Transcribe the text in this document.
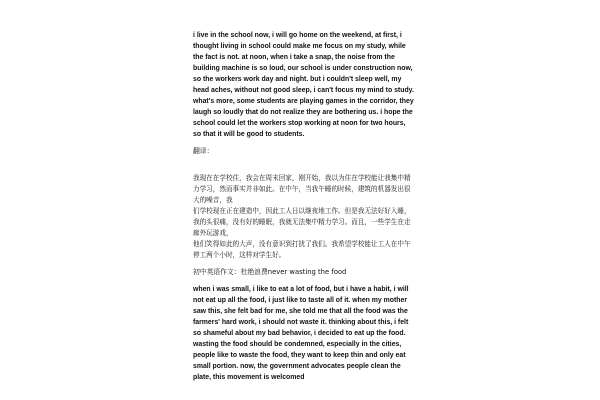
i live in the school now, i will go home on the weekend, at first, i thought living in school could make me focus on my study, while the fact is not. at noon, when i take a snap, the noise from the building machine is so loud, our school is under construction now, so the workers work day and night. but i couldn't sleep well, my head aches, without not good sleep, i can't focus my mind to study. what's more, some students are playing games in the corridor, they laugh so loudly that do not realize they are bothering us. i hope the school could let the workers stop working at noon for two hours, so that it will be good to students.

翻译：

我现在在学校住，我会在周末回家，刚开始，我以为住在学校能让我集中精力学习，然而事实并非如此。在中午，当我午睡的时候，建筑的机器发出很大的噪音，我

们学校现在正在建造中，因此工人日以继夜地工作。但是我无法好好入睡，我的头很痛，没有好的睡眠，我就无法集中精力学习。而且，一些学生在走廊外玩游戏，

他们笑得如此的大声，没有意识到打扰了我们。我希望学校能让工人在中午停工两个小时，这样对学生好。

初中英语作文：杜绝浪费never wasting the food

when i was small, i like to eat a lot of food, but i have a habit, i will not eat up all the food, i just like to taste all of it. when my mother saw this, she felt bad for me, she told me that all the food was the farmers' hard work, i should not waste it. thinking about this, i felt so shameful about my bad behavior, i decided to eat up the food. wasting the food should be condemned, especially in the cities, people like to waste the food, they want to keep thin and only eat small portion. now, the government advocates people clean the plate, this movement is welcomed
